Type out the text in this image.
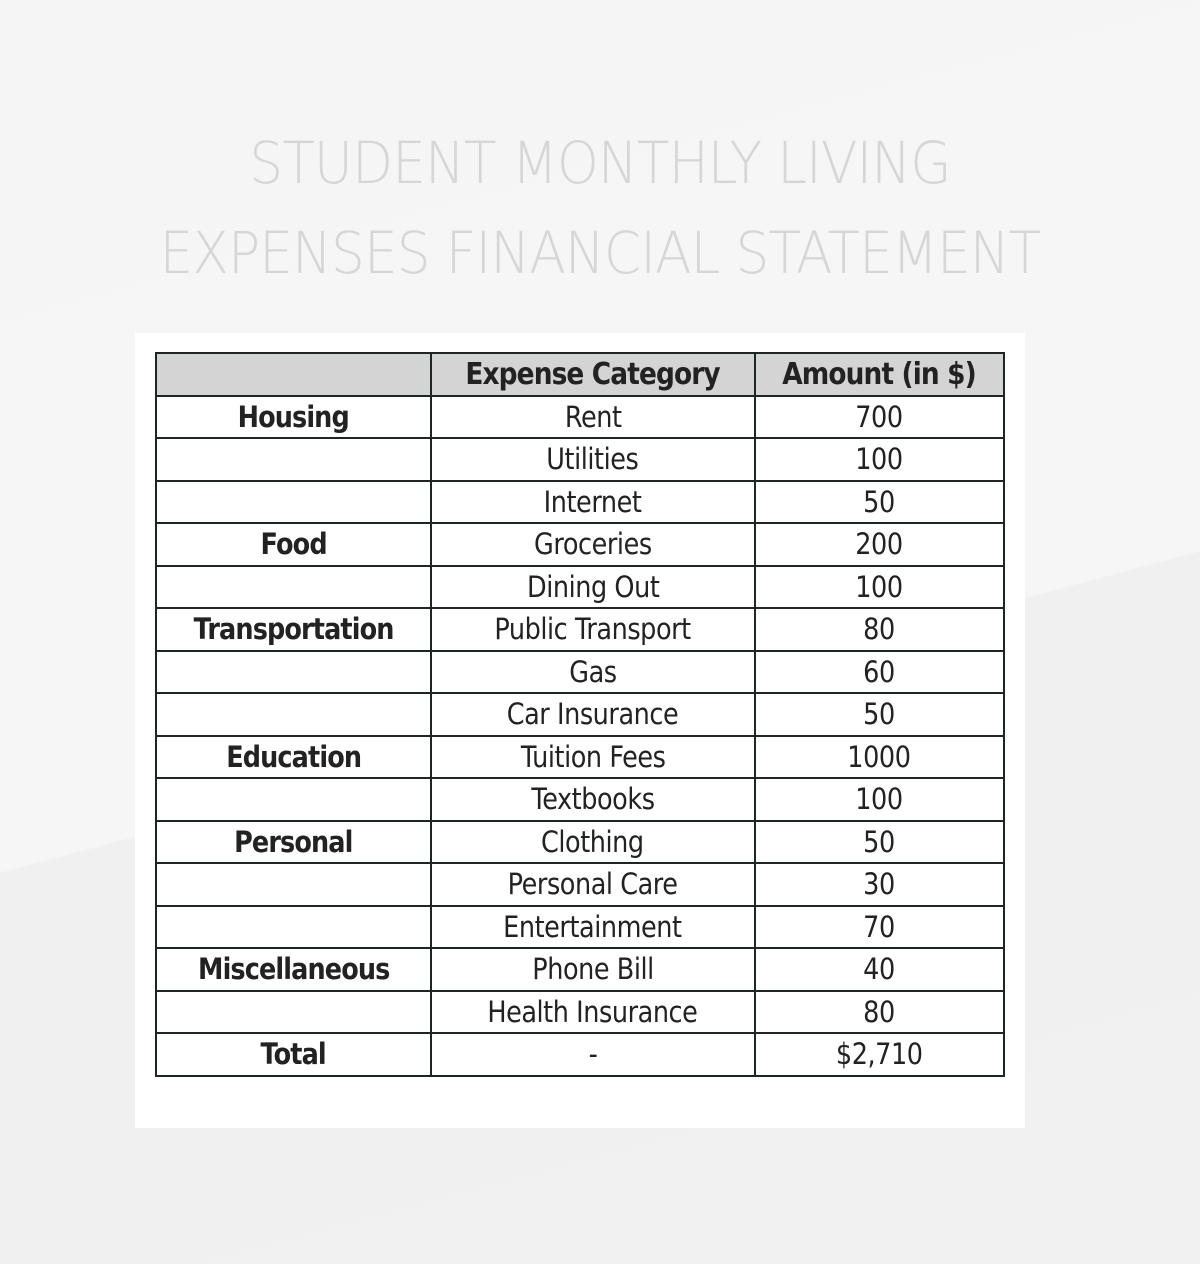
STUDENT MONTHLY LIVING
EXPENSES FINANCIAL STATEMENT
	Expense Category	Amount (in $)
Housing	Rent	700
	Utilities	100
	Internet	50
Food	Groceries	200
	Dining Out	100
Transportation	Public Transport	80
	Gas	60
	Car Insurance	50
Education	Tuition Fees	1000
	Textbooks	100
Personal	Clothing	50
	Personal Care	30
	Entertainment	70
Miscellaneous	Phone Bill	40
	Health Insurance	80
Total	-	$2,710
